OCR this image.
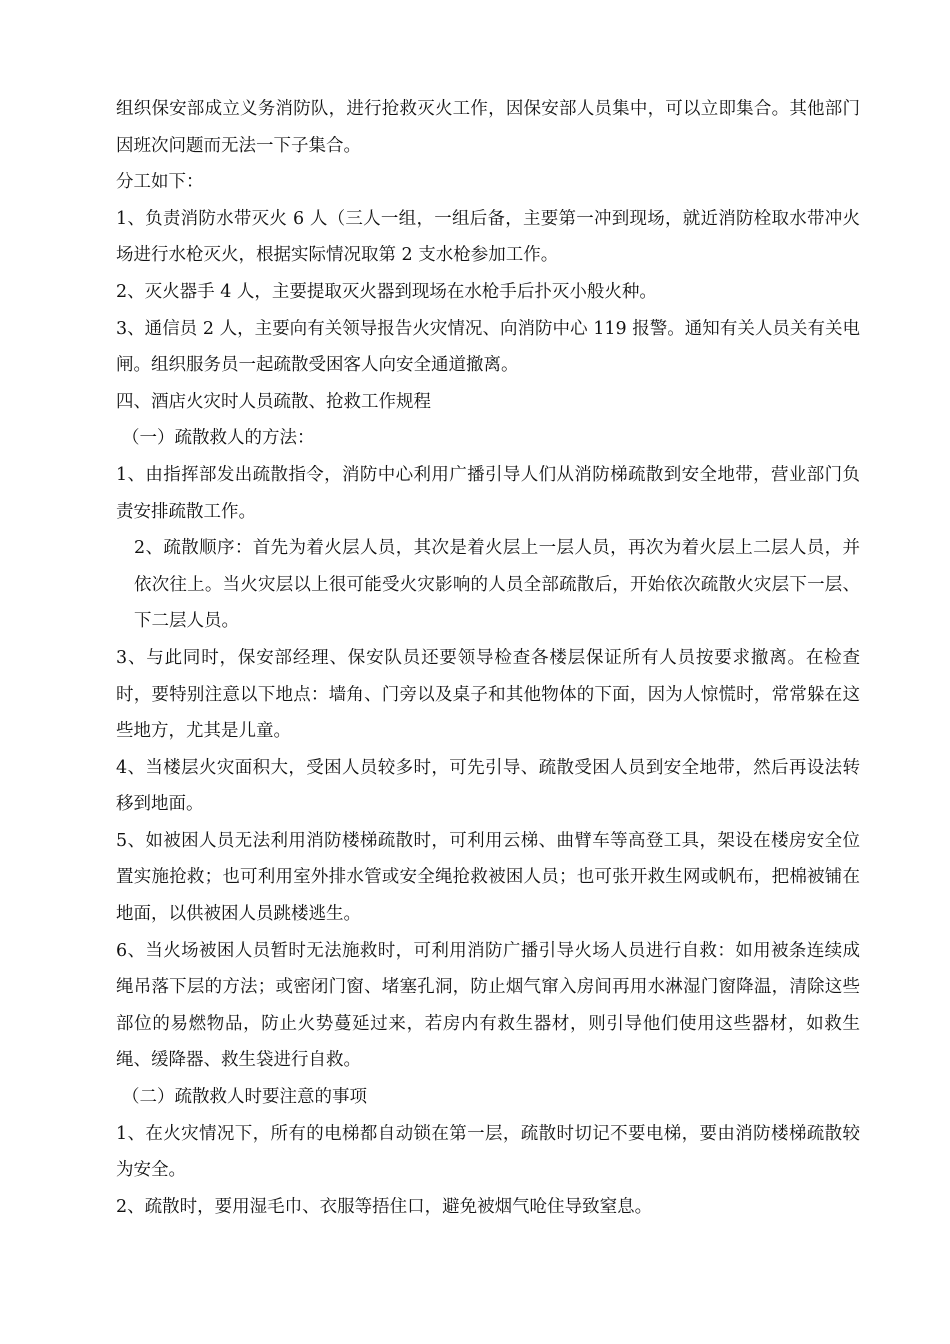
组织保安部成立义务消防队，进行抢救灭火工作，因保安部人员集中，可以立即集合。其他部门因班次问题而无法一下子集合。

分工如下：

1、负责消防水带灭火 6 人（三人一组，一组后备，主要第一冲到现场，就近消防栓取水带冲火场进行水枪灭火，根据实际情况取第 2 支水枪参加工作。

2、灭火器手 4 人，主要提取灭火器到现场在水枪手后扑灭小般火种。

3、通信员 2 人，主要向有关领导报告火灾情况、向消防中心 119 报警。通知有关人员关有关电闸。组织服务员一起疏散受困客人向安全通道撤离。

四、酒店火灾时人员疏散、抢救工作规程

（一）疏散救人的方法：

1、由指挥部发出疏散指令，消防中心利用广播引导人们从消防梯疏散到安全地带，营业部门负责安排疏散工作。

2、疏散顺序：首先为着火层人员，其次是着火层上一层人员，再次为着火层上二层人员，并依次往上。当火灾层以上很可能受火灾影响的人员全部疏散后，开始依次疏散火灾层下一层、下二层人员。

3、与此同时，保安部经理、保安队员还要领导检查各楼层保证所有人员按要求撤离。在检查时，要特别注意以下地点：墙角、门旁以及桌子和其他物体的下面，因为人惊慌时，常常躲在这些地方，尤其是儿童。

4、当楼层火灾面积大，受困人员较多时，可先引导、疏散受困人员到安全地带，然后再设法转移到地面。

5、如被困人员无法利用消防楼梯疏散时，可利用云梯、曲臂车等高登工具，架设在楼房安全位置实施抢救；也可利用室外排水管或安全绳抢救被困人员；也可张开救生网或帆布，把棉被铺在地面，以供被困人员跳楼逃生。

6、当火场被困人员暂时无法施救时，可利用消防广播引导火场人员进行自救：如用被条连续成绳吊落下层的方法；或密闭门窗、堵塞孔洞，防止烟气窜入房间再用水淋湿门窗降温，清除这些部位的易燃物品，防止火势蔓延过来，若房内有救生器材，则引导他们使用这些器材，如救生绳、缓降器、救生袋进行自救。

（二）疏散救人时要注意的事项

1、在火灾情况下，所有的电梯都自动锁在第一层，疏散时切记不要电梯，要由消防楼梯疏散较为安全。

2、疏散时，要用湿毛巾、衣服等捂住口，避免被烟气呛住导致窒息。
